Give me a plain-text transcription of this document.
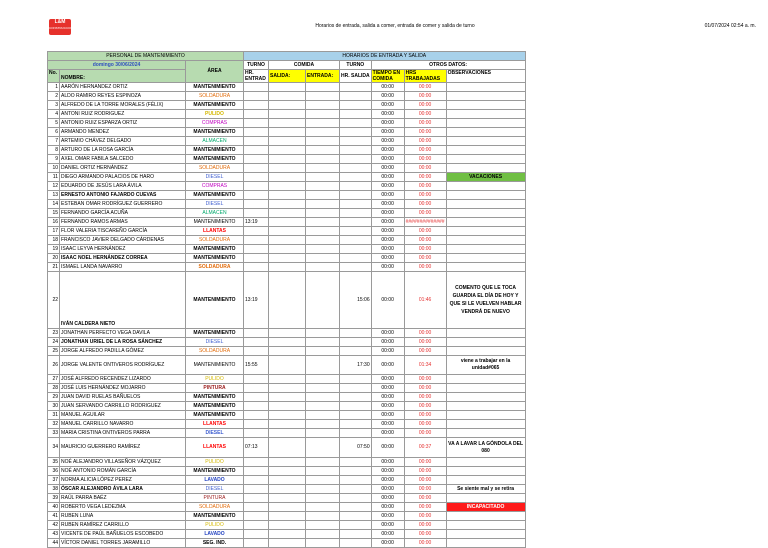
L&M
CONSTRUCCIONES	Horarios de entrada, salida a comer, entrada de comer y salida de turno	01/07/2024 02:54 a. m.
PERSONAL DE MANTENIMIENTO			HORARIOS DE ENTRADA Y SALIDA						
domingo 30/06/2024		ÁREA	TURNO	COMIDA		TURNO	OTROS DATOS:		
No.	NOMBRE:		HR. ENTRAD	SALIDA:	ENTRADA:	HR. SALIDA	TIEMPO EN COMIDA	HRS TRABAJADAS	OBSERVACIONES
1	AARÓN HERNANDEZ ORTIZ	MANTENIMIENTO					00:00	00:00	
2	ALDO RAMIRO REYES ESPINOZA	SOLDADURA					00:00	00:00	
3	ALFREDO DE LA TORRE MORALES (FÉLIX)	MANTENIMIENTO					00:00	00:00	
4	ANTONI RUIZ RODRIGUEZ	PULIDO					00:00	00:00	
5	ANTONIO RUIZ ESPARZA ORTIZ	COMPRAS					00:00	00:00	
6	ARMANDO MENDEZ	MANTENIMIENTO					00:00	00:00	
7	ARTEMIO CHÁVEZ DELGADO	ALMACEN					00:00	00:00	
8	ARTURO DE LA ROSA GARCÍA	MANTENIMIENTO					00:00	00:00	
9	AXEL OMAR FABILA SALCEDO	MANTENIMIENTO					00:00	00:00	
10	DANIEL ORTIZ HERNÁNDEZ	SOLDADURA					00:00	00:00	
11	DIEGO ARMANDO PALACIOS DE HARO	DIESEL					00:00	00:00	VACACIONES
12	EDUARDO DE JESÚS LARA ÁVILA	COMPRAS					00:00	00:00	
13	ERNESTO ANTONIO FAJARDO CUEVAS	MANTENIMIENTO					00:00	00:00	
14	ESTEBAN OMAR RODRÍGUEZ GUERRERO	DIESEL					00:00	00:00	
15	FERNANDO GARCÍA ACUÑA	ALMACEN					00:00	00:00	
16	FERNANDO RAMOS ARMAS	MANTENIMIENTO	13:19				00:00	##############	
17	FLOR VALERIA TISCAREÑO GARCÍA	LLANTAS					00:00	00:00	
18	FRANCISCO JAVIER DELGADO CÁRDENAS	SOLDADURA					00:00	00:00	
19	ISAAC LEYVA HERNÁNDEZ	MANTENIMIENTO					00:00	00:00	
20	ISAAC NOEL HERNÁNDEZ CORREA	MANTENIMIENTO					00:00	00:00	
21	ISMAEL LANDA NAVARRO	SOLDADURA					00:00	00:00	
22	IVÁN CALDERA NIETO	MANTENIMIENTO	13:19			15:06	00:00	01:46	COMENTO QUE LE TOCA GUARDIA EL DÍA DE HOY Y QUE SI LE VUELVEN HABLAR VENDRÁ DE NUEVO
23	JONATHAN PERFECTO VEGA DAVILA	MANTENIMIENTO					00:00	00:00	
24	JONATHAN URIEL DE LA ROSA SÁNCHEZ	DIESEL					00:00	00:00	
25	JORGE ALFREDO PADILLA GÓMEZ	SOLDADURA					00:00	00:00	
26	JORGE VALENTE ONTIVEROS RODRÍGUEZ	MANTENIMIENTO	15:55			17:30	00:00	01:34	viene a trabajar en la unidad#065
27	JOSÉ ALFREDO RECENDEZ LIZARDO	PULIDO					00:00	00:00	
28	JOSÉ LUIS HERNÁNDEZ MOJARRO	PINTURA					00:00	00:00	
29	JUAN DAVID RUELAS BAÑUELOS	MANTENIMIENTO					00:00	00:00	
30	JUAN SERVANDO CARRILLO RODRIGUEZ	MANTENIMIENTO					00:00	00:00	
31	MANUEL AGUILAR	MANTENIMIENTO					00:00	00:00	
32	MANUEL CARRILLO NAVARRO	LLANTAS					00:00	00:00	
33	MARIA CRISTINA ONTIVEROS PARRA	DIESEL					00:00	00:00	
34	MAURICIO GUERRERO RAMÍREZ	LLANTAS	07:13			07:50	00:00	00:37	VA A LAVAR LA GÓNDOLA DEL 080
35	NOÉ ALEJANDRO VILLASEÑOR VÁZQUEZ	PULIDO					00:00	00:00	
36	NOÉ ANTONIO ROMÁN GARCÍA	MANTENIMIENTO					00:00	00:00	
37	NORMA ALICIA LÓPEZ PEREZ	LAVADO					00:00	00:00	
38	ÓSCAR ALEJANDRO ÁVILA LARA	DIESEL					00:00	00:00	Se siente mal y se retira
39	RAÚL PARRA BAÉZ	PINTURA					00:00	00:00	
40	ROBERTO VEGA LEDEZMA	SOLDADURA					00:00	00:00	INCAPACITADO
41	RUBEN LUNA	MANTENIMIENTO					00:00	00:00	
42	RUBEN RAMÍREZ CARRILLO	PULIDO					00:00	00:00	
43	VICENTE DE PAÚL BAÑUELOS ESCOBEDO	LAVADO					00:00	00:00	
44	VÍCTOR DANIEL TORRES JARAMILLO	SEG. IND.					00:00	00:00	
